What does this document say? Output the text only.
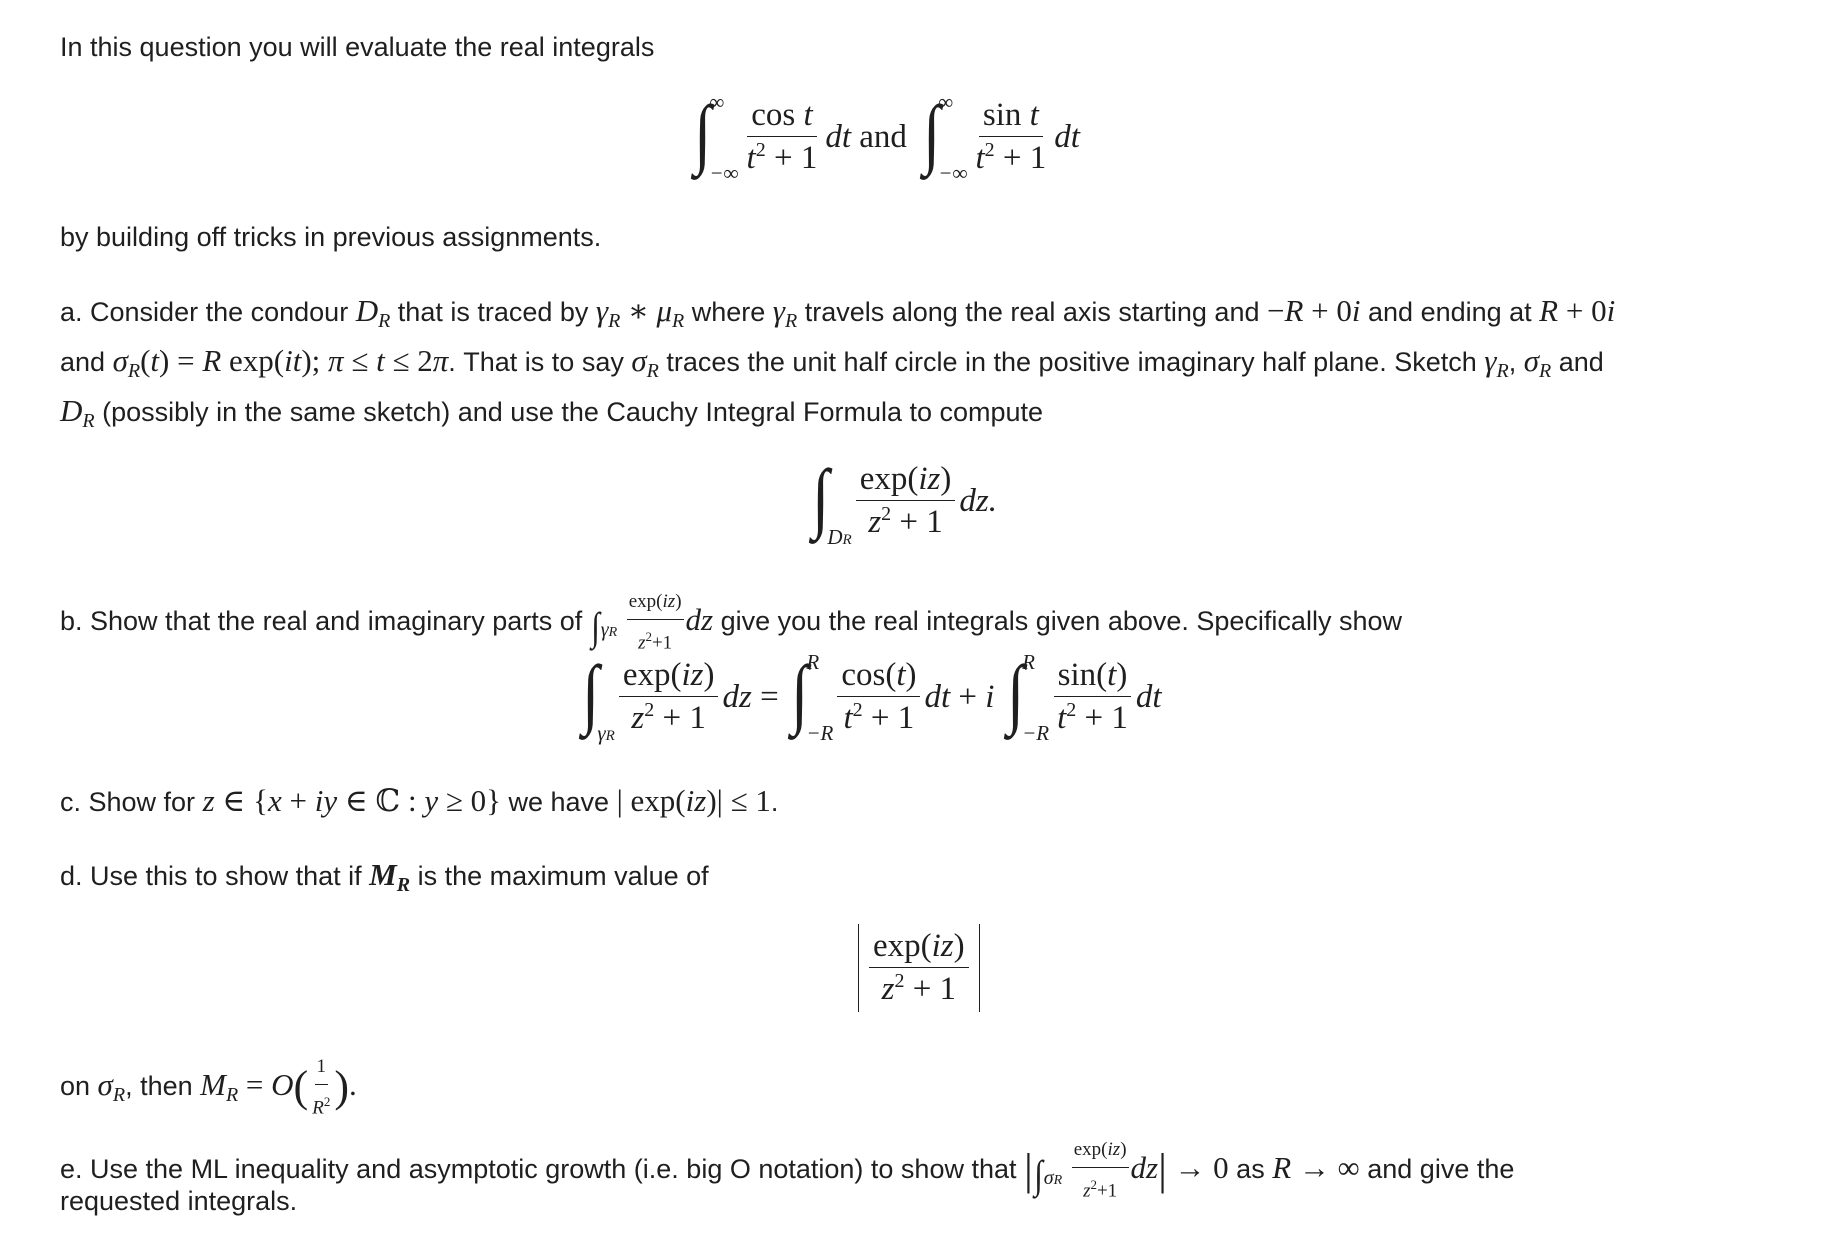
In this question you will evaluate the real integrals
∫
∞
−∞ $\frac{\text{cos t}}{t^2 + 1}$ dt
and ∫
∞
−∞ $\frac{\text{sin t}}{t^2 + 1}$ dt
by building off tricks in previous assignments.
a. Consider the condour $D_R$ that is traced by $\gamma_R$ ∗ $\mu_R$ where $\gamma_R$ travels along the real axis starting and −R + 0i and ending at R + 0i
and $\sigma_R(t) = R$ exp(it); π ≤ t ≤ 2π. That is to say $\sigma_R$ traces the unit half circle in the positive imaginary half plane. Sketch $\gamma_R$, $\sigma_R$ and
$D_R$ (possibly in the same sketch) and use the Cauchy Integral Formula to compute
∫

DR $\frac{\exp(iz)}{z^2 + 1}$ dz.
b. Show that the real and imaginary parts of $\int_{\gamma R} \frac{\exp(iz)}{z^2+1}$ dz give you the real integrals given above. Specifically show
∫

γR $\frac{\exp(iz)}{z^2 + 1}$ dz = ∫
R
$-R \frac{\cos(t)}{t^2 + 1}$ dt + i
∫
R
$-R \frac{\sin(t)}{t^2 + 1}$ dt
c. Show for z ∈ {x + iy ∈ ℂ : y ≥ 0} we have | exp(iz)| ≤ 1.
d. Use this to show that if $M_R$ is the maximum value of
$\frac{\exp(iz)}{z^2 + 1}$
on $\sigma_R$, then $M_R = O( \frac{1}{R^2}$ ).
e. Use the ML inequality and asymptotic growth (i.e. big O notation) to show that $|\int_{\sigma R} \frac{\exp(iz)}{z^2+1} dz| \to 0$ as R → ∞ and give the
requested integrals.
